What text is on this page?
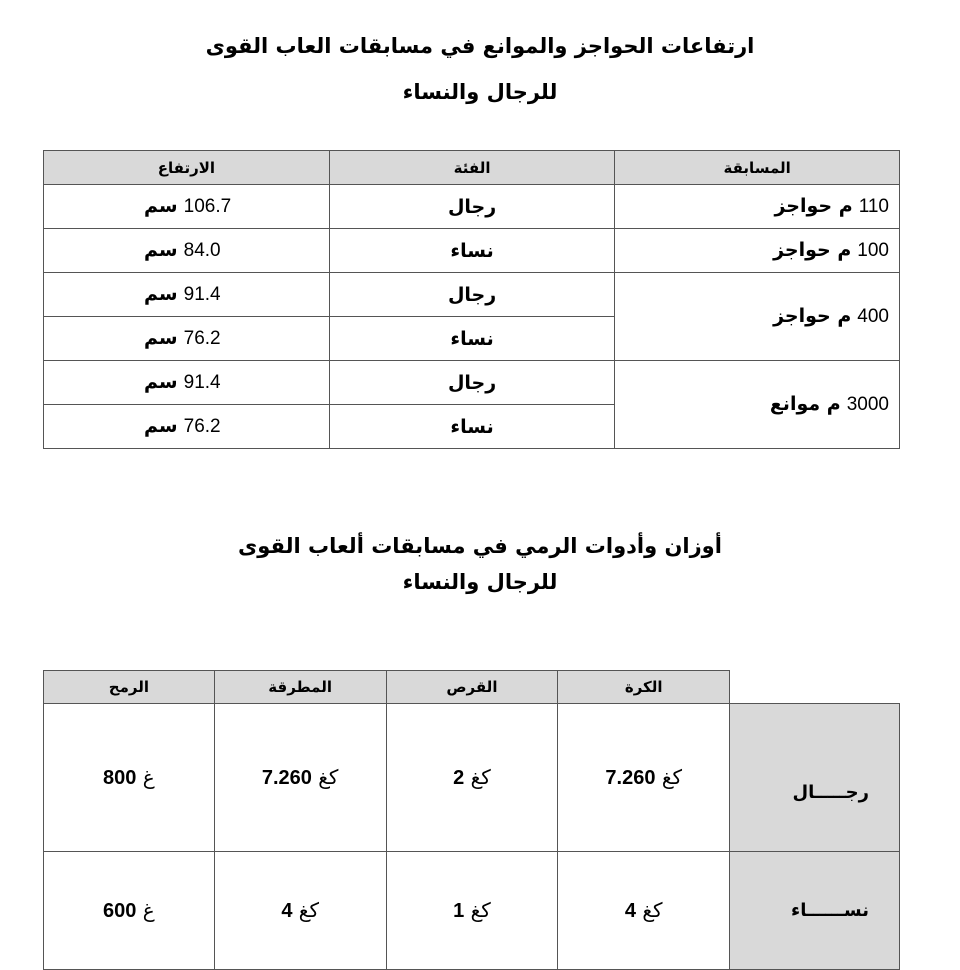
ارتفاعات الحواجز والموانع في مسابقات العاب القوى
للرجال والنساء
المسابقة	الفئة	الارتفاع
110 م حواجز	رجال	106.7 سم
100 م حواجز	نساء	84.0 سم
400 م حواجز	رجال	91.4 سم
	نساء	76.2 سم
3000 م موانع	رجال	91.4 سم
	نساء	76.2 سم
أوزان وأدوات الرمي في مسابقات ألعاب القوى
للرجال والنساء
الرمح	المطرقة	القرص	الكرة	
غ 800	كغ 7.260	كغ 2	كغ 7.260	رجـــــال
غ 600	كغ 4	كغ 1	كغ 4	نســــــاء
